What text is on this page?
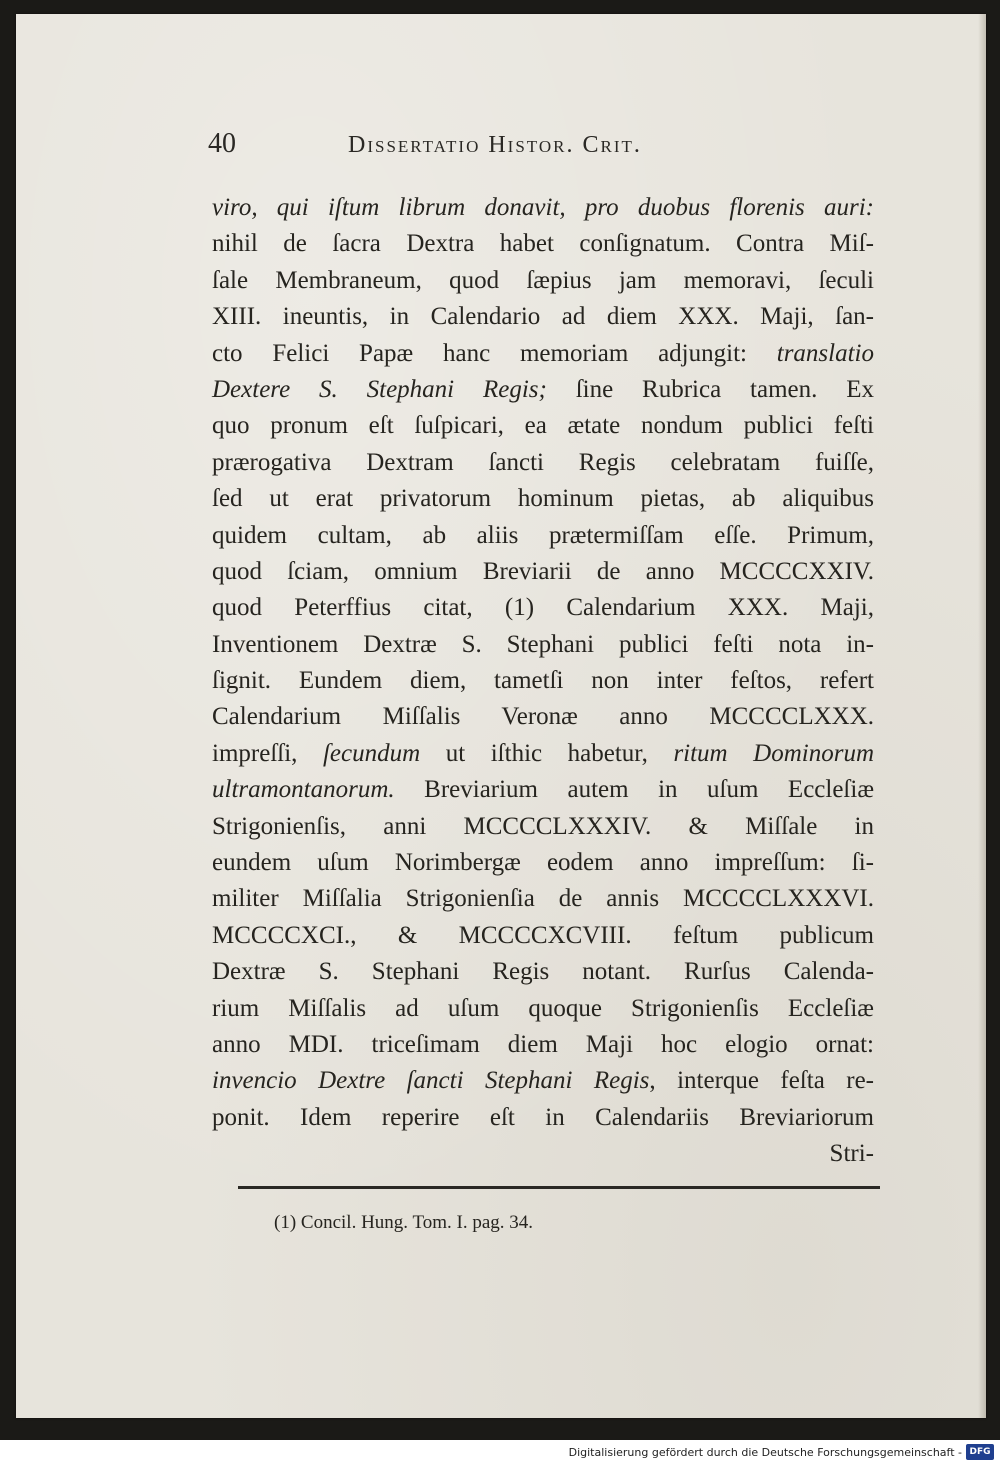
40	Dissertatio Histor. Crit.
viro, qui iſtum librum donavit, pro duobus florenis auri:
nihil de ſacra Dextra habet conſignatum. Contra Miſ-
ſale Membraneum, quod ſæpius jam memoravi, ſeculi
XIII. ineuntis, in Calendario ad diem XXX. Maji, ſan-
cto Felici Papæ hanc memoriam adjungit: translatio
Dextere S. Stephani Regis; ſine Rubrica tamen. Ex
quo pronum eſt ſuſpicari, ea ætate nondum publici feſti
prærogativa Dextram ſancti Regis celebratam fuiſſe,
ſed ut erat privatorum hominum pietas, ab aliquibus
quidem cultam, ab aliis prætermiſſam eſſe. Primum,
quod ſciam, omnium Breviarii de anno MCCCCXXIV.
quod Peterffius citat, (1) Calendarium XXX. Maji,
Inventionem Dextræ S. Stephani publici feſti nota in-
ſignit. Eundem diem, tametſi non inter feſtos, refert
Calendarium Miſſalis Veronæ anno MCCCCLXXX.
impreſſi, ſecundum ut iſthic habetur, ritum Dominorum
ultramontanorum. Breviarium autem in uſum Eccleſiæ
Strigonienſis, anni MCCCCLXXXIV. & Miſſale in
eundem uſum Norimbergæ eodem anno impreſſum: ſi-
militer Miſſalia Strigonienſia de annis MCCCCLXXXVI.
MCCCCXCI., & MCCCCXCVIII. feſtum publicum
Dextræ S. Stephani Regis notant. Rurſus Calenda-
rium Miſſalis ad uſum quoque Strigonienſis Eccleſiæ
anno MDI. triceſimam diem Maji hoc elogio ornat:
invencio Dextre ſancti Stephani Regis, interque feſta re-
ponit. Idem reperire eſt in Calendariis Breviariorum
Stri-
(1) Concil. Hung. Tom. I. pag. 34.
Digitalisierung gefördert durch die Deutsche Forschungsgemeinschaft - DFG
